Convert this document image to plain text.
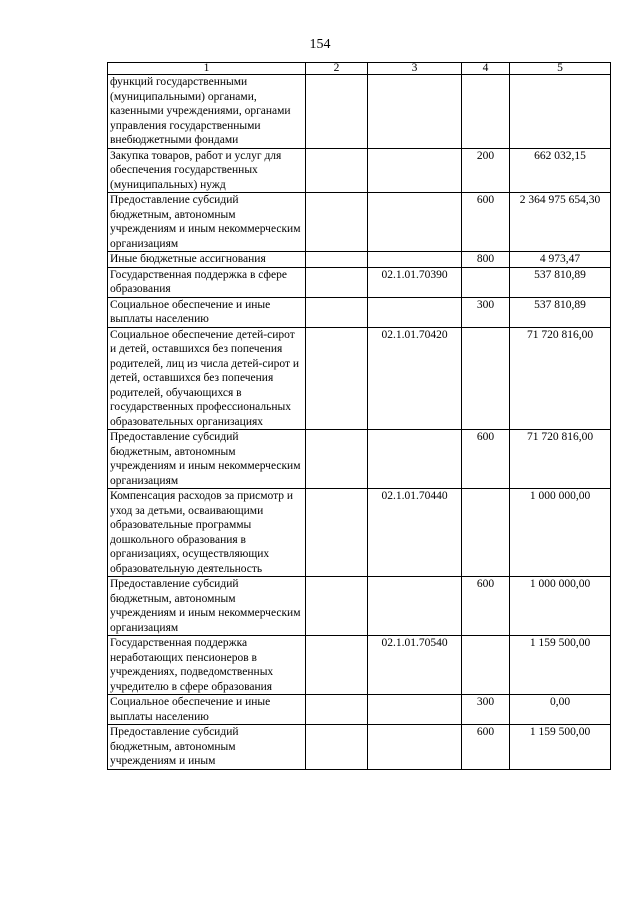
154
1	2	3	4	5
функций государственными (муниципальными) органами, казенными учреждениями, органами управления государственными внебюджетными фондами				
Закупка товаров, работ и услуг для обеспечения государственных (муниципальных) нужд			200	662 032,15
Предоставление субсидий бюджетным, автономным учреждениям и иным некоммерческим организациям			600	2 364 975 654,30
Иные бюджетные ассигнования			800	4 973,47
Государственная поддержка в сфере образования		02.1.01.70390		537 810,89
Социальное обеспечение и иные выплаты населению			300	537 810,89
Социальное обеспечение детей-сирот и детей, оставшихся без попечения родителей, лиц из числа детей-сирот и детей, оставшихся без попечения родителей, обучающихся в государственных профессиональных образовательных организациях		02.1.01.70420		71 720 816,00
Предоставление субсидий бюджетным, автономным учреждениям и иным некоммерческим организациям			600	71 720 816,00
Компенсация расходов за присмотр и уход за детьми, осваивающими образовательные программы дошкольного образования в организациях, осуществляющих образовательную деятельность		02.1.01.70440		1 000 000,00
Предоставление субсидий бюджетным, автономным учреждениям и иным некоммерческим организациям			600	1 000 000,00
Государственная поддержка неработающих пенсионеров в учреждениях, подведомственных учредителю в сфере образования		02.1.01.70540		1 159 500,00
Социальное обеспечение и иные выплаты населению			300	0,00
Предоставление субсидий бюджетным, автономным учреждениям и иным			600	1 159 500,00
